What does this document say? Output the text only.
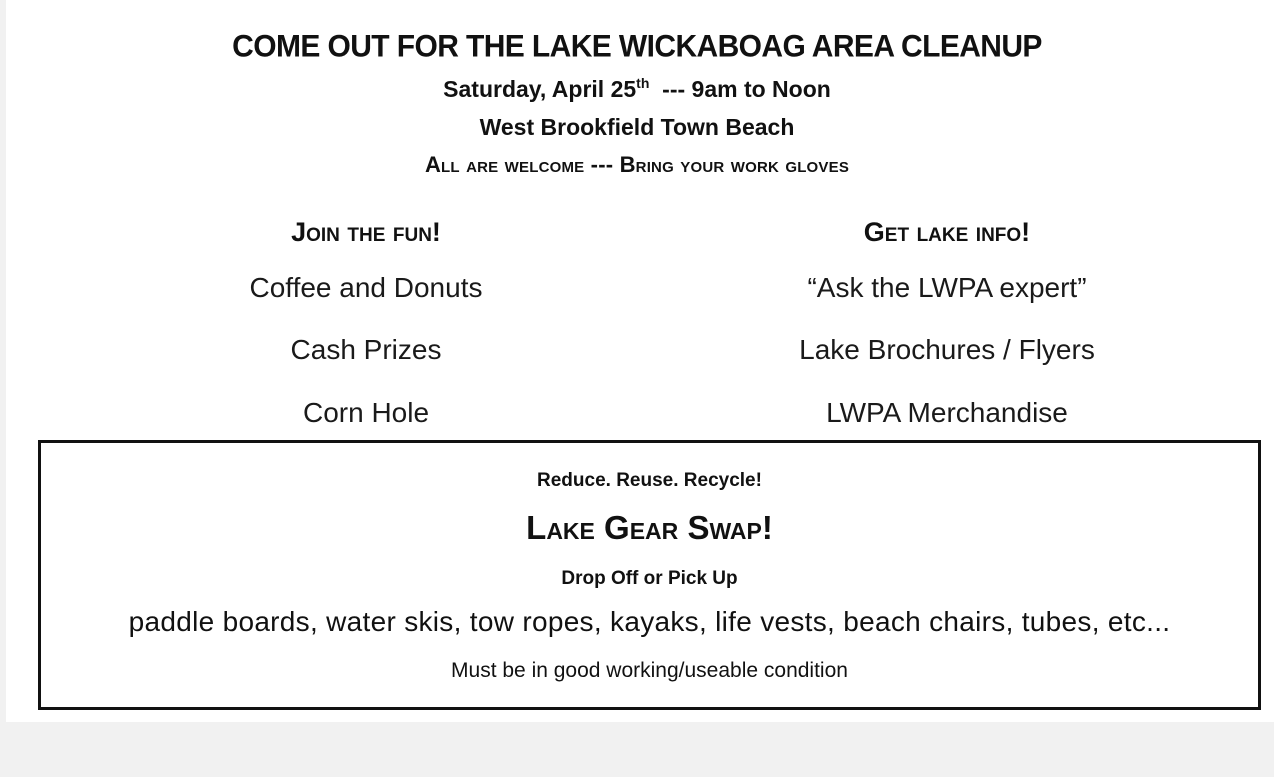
COME OUT FOR THE LAKE WICKABOAG AREA CLEANUP
Saturday, April 25th --- 9am to Noon
West Brookfield Town Beach
All are welcome --- Bring your work gloves
Join the fun!
Coffee and Donuts
Cash Prizes
Corn Hole
Get lake info!
“Ask the LWPA expert”
Lake Brochures / Flyers
LWPA Merchandise
Reduce. Reuse. Recycle!
Lake Gear Swap!
Drop Off or Pick Up
paddle boards, water skis, tow ropes, kayaks, life vests, beach chairs, tubes, etc...
Must be in good working/useable condition
